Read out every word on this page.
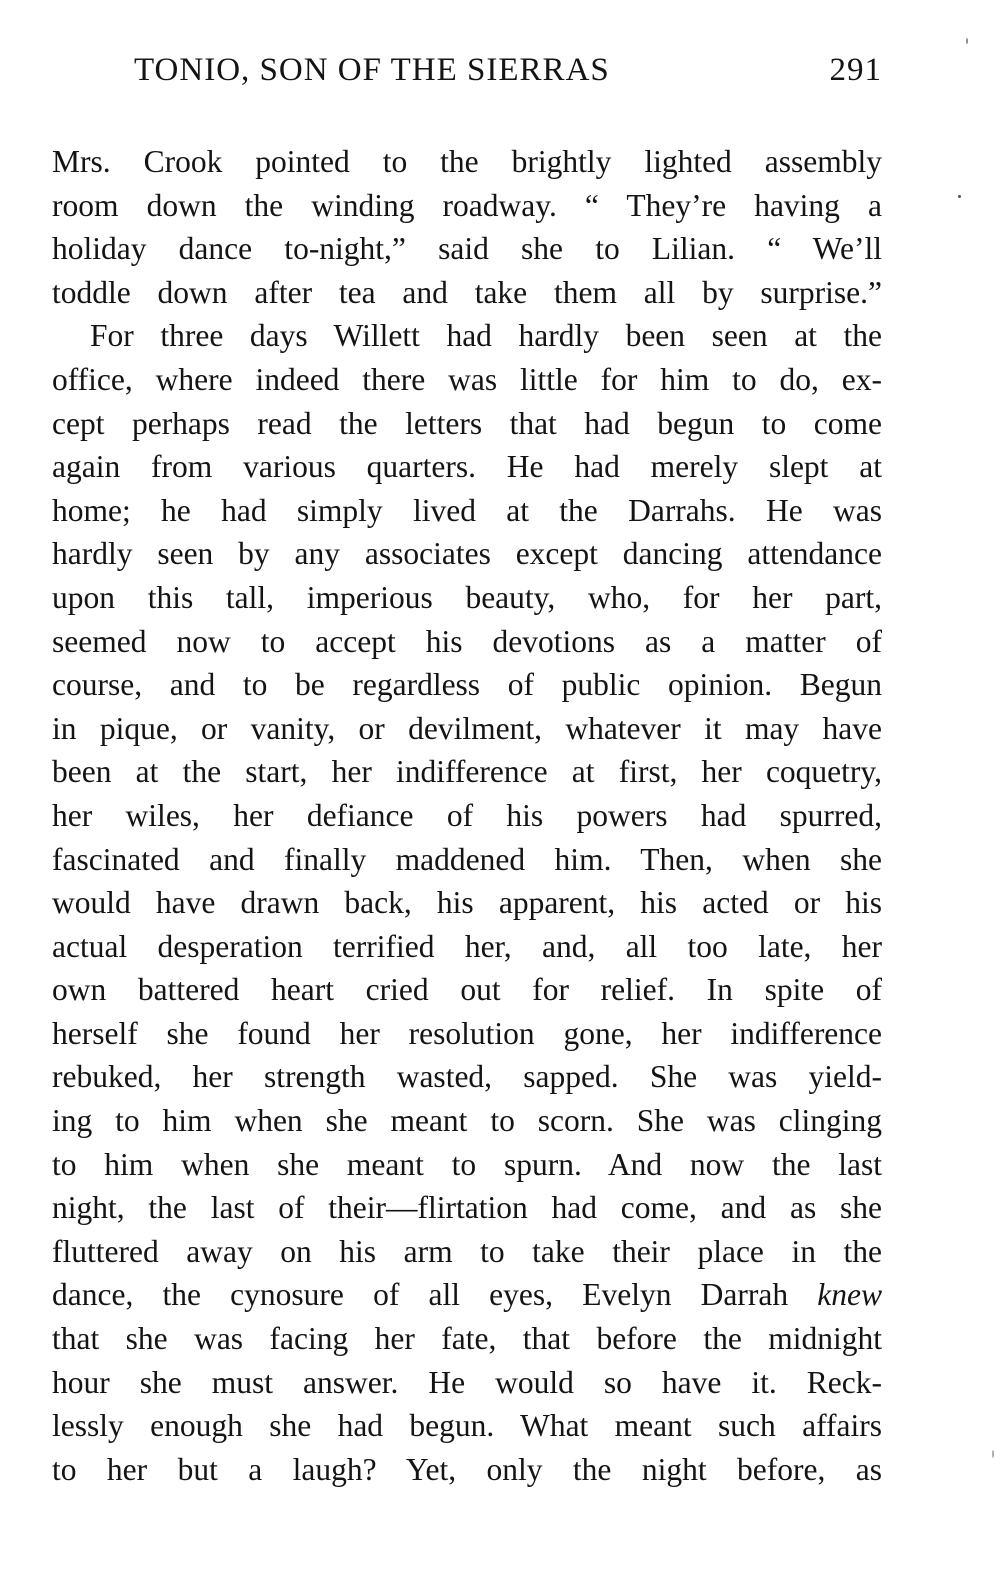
TONIO, SON OF THE SIERRAS	291
Mrs. Crook pointed to the brightly lighted assembly
room down the winding roadway. “ They’re having a
holiday dance to-night,” said she to Lilian. “ We’ll
toddle down after tea and take them all by surprise.”
For three days Willett had hardly been seen at the
office, where indeed there was little for him to do, ex-
cept perhaps read the letters that had begun to come
again from various quarters. He had merely slept at
home; he had simply lived at the Darrahs. He was
hardly seen by any associates except dancing attendance
upon this tall, imperious beauty, who, for her part,
seemed now to accept his devotions as a matter of
course, and to be regardless of public opinion. Begun
in pique, or vanity, or devilment, whatever it may have
been at the start, her indifference at first, her coquetry,
her wiles, her defiance of his powers had spurred,
fascinated and finally maddened him. Then, when she
would have drawn back, his apparent, his acted or his
actual desperation terrified her, and, all too late, her
own battered heart cried out for relief. In spite of
herself she found her resolution gone, her indifference
rebuked, her strength wasted, sapped. She was yield-
ing to him when she meant to scorn. She was clinging
to him when she meant to spurn. And now the last
night, the last of their—flirtation had come, and as she
fluttered away on his arm to take their place in the
dance, the cynosure of all eyes, Evelyn Darrah knew
that she was facing her fate, that before the midnight
hour she must answer. He would so have it. Reck-
lessly enough she had begun. What meant such affairs
to her but a laugh? Yet, only the night before, as
